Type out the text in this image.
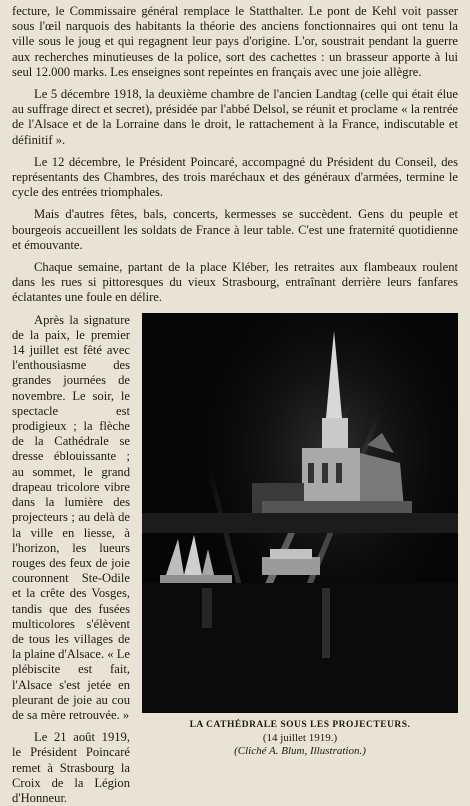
fecture, le Commissaire général remplace le Statthalter. Le pont de Kehl voit passer sous l'œil narquois des habitants la théorie des anciens fonctionnaires qui ont tenu la ville sous le joug et qui regagnent leur pays d'origine. L'or, soustrait pendant la guerre aux recherches minutieuses de la police, sort des cachettes : un brasseur apporte à lui seul 12.000 marks. Les enseignes sont repeintes en français avec une joie allègre.

Le 5 décembre 1918, la deuxième chambre de l'ancien Landtag (celle qui était élue au suffrage direct et secret), présidée par l'abbé Delsol, se réunit et proclame « la rentrée de l'Alsace et de la Lorraine dans le droit, le rattachement à la France, indiscutable et définitif ».

Le 12 décembre, le Président Poincaré, accompagné du Président du Conseil, des représentants des Chambres, des trois maréchaux et des généraux d'armées, termine le cycle des entrées triomphales.

Mais d'autres fêtes, bals, concerts, kermesses se succèdent. Gens du peuple et bourgeois accueillent les soldats de France à leur table. C'est une fraternité quotidienne et émouvante.

Chaque semaine, partant de la place Kléber, les retraites aux flambeaux roulent dans les rues si pittoresques du vieux Strasbourg, entraînant derrière leurs fanfares éclatantes une foule en délire.

Après la signature de la paix, le premier 14 juillet est fêté avec l'enthousiasme des grandes journées de novembre. Le soir, le spectacle est prodigieux ; la flèche de la Cathédrale se dresse éblouissante ; au sommet, le grand drapeau tricolore vibre dans la lumière des projecteurs ; au delà de la ville en liesse, à l'horizon, les lueurs rouges des feux de joie couronnent Ste-Odile et la crête des Vosges, tandis que des fusées multicolores s'élèvent de tous les villages de la plaine d'Alsace. « Le plébiscite est fait, l'Alsace s'est jetée en pleurant de joie au cou de sa mère retrouvée. »

Le 21 août 1919, le Président Poincaré remet à Strasbourg la Croix de la Légion d'Honneur.

LA CATHÉDRALE SOUS LES PROJECTEURS.
(14 juillet 1919.)
(Cliché A. Blum, Illustration.)
